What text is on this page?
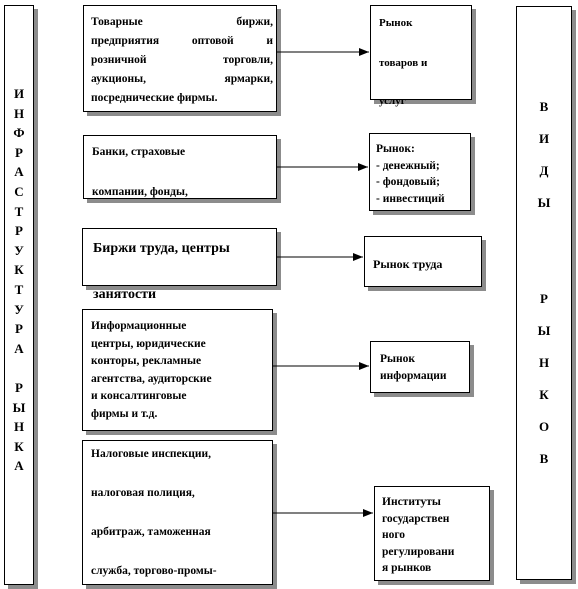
И
Н
Ф
Р
А
С
Т
Р
У
К
Т
У
Р
А
Р
Ы
Н
К
А
В
И
Д
Ы
Р
Ы
Н
К
О
В
Товарные биржи,
предприятия оптовой и
розничной торговли,
аукционы, ярмарки,
посреднические фирмы.
Банки, страховые
компании, фонды,
Биржи труда, центры
занятости
Информационные
центры, юридические
конторы, рекламные
агентства, аудиторские
и консалтинговые
фирмы и т.д.
Налоговые инспекции,
налоговая полиция,
арбитраж, таможенная
служба, торгово-промы-
Рынок
товаров и
услуг
Рынок:
- денежный;
- фондовый;
- инвестиций
Рынок труда
Рынок
информации
Институты
государствен
ного
регулировани
я рынков
